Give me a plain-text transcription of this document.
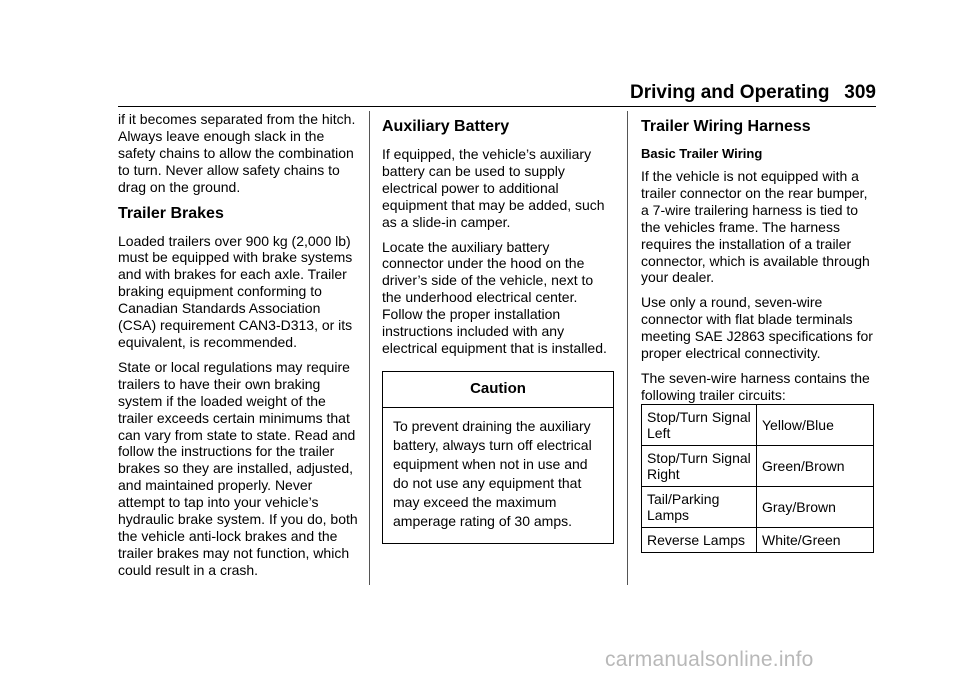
Driving and Operating 309

if it becomes separated from the hitch. Always leave enough slack in the safety chains to allow the combination to turn. Never allow safety chains to drag on the ground.

Trailer Brakes

Loaded trailers over 900 kg (2,000 lb) must be equipped with brake systems and with brakes for each axle. Trailer braking equipment conforming to Canadian Standards Association (CSA) requirement CAN3-D313, or its equivalent, is recommended.

State or local regulations may require trailers to have their own braking system if the loaded weight of the trailer exceeds certain minimums that can vary from state to state. Read and follow the instructions for the trailer brakes so they are installed, adjusted, and maintained properly. Never attempt to tap into your vehicle’s hydraulic brake system. If you do, both the vehicle anti-lock brakes and the trailer brakes may not function, which could result in a crash.

Auxiliary Battery

If equipped, the vehicle’s auxiliary battery can be used to supply electrical power to additional equipment that may be added, such as a slide-in camper.

Locate the auxiliary battery connector under the hood on the driver’s side of the vehicle, next to the underhood electrical center. Follow the proper installation instructions included with any electrical equipment that is installed.

Caution
To prevent draining the auxiliary battery, always turn off electrical equipment when not in use and do not use any equipment that may exceed the maximum amperage rating of 30 amps.
Trailer Wiring Harness
Basic Trailer Wiring

If the vehicle is not equipped with a trailer connector on the rear bumper, a 7-wire trailering harness is tied to the vehicles frame. The harness requires the installation of a trailer connector, which is available through your dealer.

Use only a round, seven-wire connector with flat blade terminals meeting SAE J2863 specifications for proper electrical connectivity.

The seven-wire harness contains the following trailer circuits:

Stop/Turn Signal Left	Yellow/Blue
Stop/Turn Signal Right	Green/Brown
Tail/Parking Lamps	Gray/Brown
Reverse Lamps	White/Green
carmanualsonline.info
